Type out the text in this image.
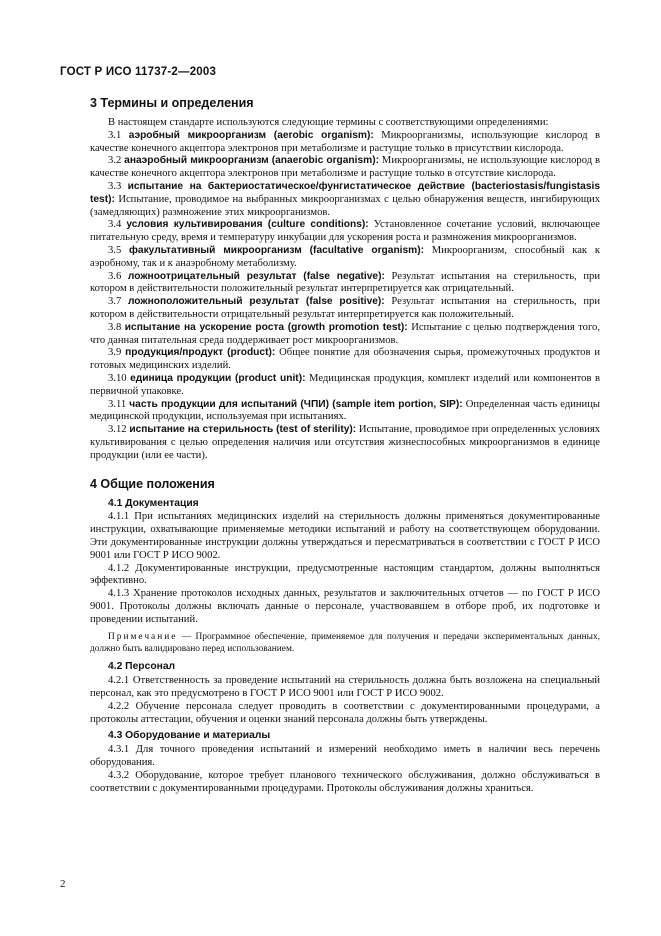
ГОСТ Р ИСО 11737-2—2003
3 Термины и определения

В настоящем стандарте используются следующие термины с соответствующими определениями:

3.1 аэробный микроорганизм (aerobic organism): Микроорганизмы, использующие кислород в качестве конечного акцептора электронов при метаболизме и растущие только в присутствии кислорода.

3.2 анаэробный микроорганизм (anaerobic organism): Микроорганизмы, не использующие кислород в качестве конечного акцептора электронов при метаболизме и растущие только в отсутствие кислорода.

3.3 испытание на бактериостатическое/фунгистатическое действие (bacteriostasis/fungistasis test): Испытание, проводимое на выбранных микроорганизмах с целью обнаружения веществ, ингибирующих (замедляющих) размножение этих микроорганизмов.

3.4 условия культивирования (culture conditions): Установленное сочетание условий, включающее питательную среду, время и температуру инкубации для ускорения роста и размножения микроорганизмов.

3.5 факультативный микроорганизм (facultative organism): Микроорганизм, способный как к аэробному, так и к анаэробному метаболизму.

3.6 ложноотрицательный результат (false negative): Результат испытания на стерильность, при котором в действительности положительный результат интерпретируется как отрицательный.

3.7 ложноположительный результат (false positive): Результат испытания на стерильность, при котором в действительности отрицательный результат интерпретируется как положительный.

3.8 испытание на ускорение роста (growth promotion test): Испытание с целью подтверждения того, что данная питательная среда поддерживает рост микроорганизмов.

3.9 продукция/продукт (product): Общее понятие для обозначения сырья, промежуточных продуктов и готовых медицинских изделий.

3.10 единица продукции (product unit): Медицинская продукция, комплект изделий или компонентов в первичной упаковке.

3.11 часть продукции для испытаний (ЧПИ) (sample item portion, SIP): Определенная часть единицы медицинской продукции, используемая при испытаниях.

3.12 испытание на стерильность (test of sterility): Испытание, проводимое при определенных условиях культивирования с целью определения наличия или отсутствия жизнеспособных микроорганизмов в единице продукции (или ее части).

4 Общие положения
4.1 Документация

4.1.1 При испытаниях медицинских изделий на стерильность должны применяться документированные инструкции, охватывающие применяемые методики испытаний и работу на соответствующем оборудовании. Эти документированные инструкции должны утверждаться и пересматриваться в соответствии с ГОСТ Р ИСО 9001 или ГОСТ Р ИСО 9002.

4.1.2 Документированные инструкции, предусмотренные настоящим стандартом, должны выполняться эффективно.

4.1.3 Хранение протоколов исходных данных, результатов и заключительных отчетов — по ГОСТ Р ИСО 9001. Протоколы должны включать данные о персонале, участвовавшем в отборе проб, их подготовке и проведении испытаний.

Примечание — Программное обеспечение, применяемое для получения и передачи экспериментальных данных, должно быть валидировано перед использованием.

4.2 Персонал

4.2.1 Ответственность за проведение испытаний на стерильность должна быть возложена на специальный персонал, как это предусмотрено в ГОСТ Р ИСО 9001 или ГОСТ Р ИСО 9002.

4.2.2 Обучение персонала следует проводить в соответствии с документированными процедурами, а протоколы аттестации, обучения и оценки знаний персонала должны быть утверждены.

4.3 Оборудование и материалы

4.3.1 Для точного проведения испытаний и измерений необходимо иметь в наличии весь перечень оборудования.

4.3.2 Оборудование, которое требует планового технического обслуживания, должно обслуживаться в соответствии с документированными процедурами. Протоколы обслуживания должны храниться.

2
